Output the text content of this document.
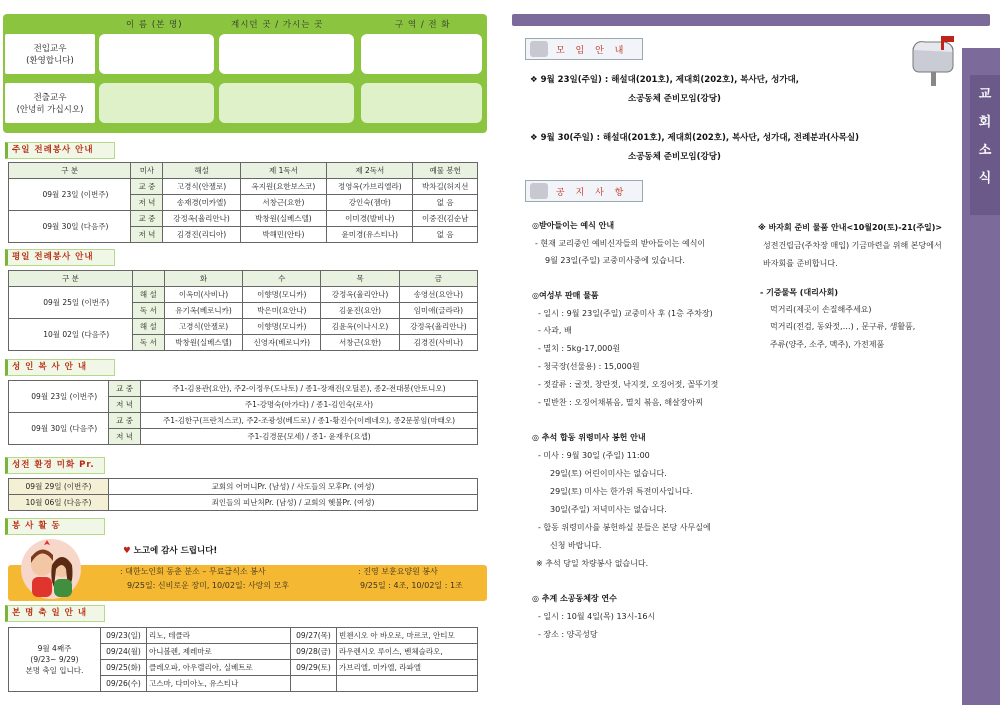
이 름 (본 명)	계시던 곳 / 가시는 곳	구 역 / 전 화
전입교우
(환영합니다)
전출교우
(안녕히 가십시오)
주일 전례봉사 안내
구 분		미사	해설	제 1독서	제 2독서	예물 봉헌
	09월 23일 (이번주)	교 중	고경식(안젤로)	옥지원(요한보스코)	정영옥(가브리엘라)	박차길(허지선
		저 녁	송재경(미카엘)	서창근(요한)	강인숙(젬마)	없 음
	09월 30일 (다음주)	교 중	강정옥(율리안나)	박창원(실베스텔)	이미경(발비나)	이중진(김순남
		저 녁	김경진(리디아)	박해민(안타)	윤미경(유스티나)	없 음
평일 전례봉사 안내
구 분			화	수	목	금
	09월 25일 (이번주)	해 설	이옥미(사비나)	이향명(모니카)	강정옥(율리안나)	송영선(요안나)
		독 서	유기옥(베로니카)	박은미(요안나)	김윤진(요안)	임미애(글라라)
	10월 02일 (다음주)	해 설	고경식(안젤로)	이향명(모니카)	김윤옥(이나시오)	강정옥(율리안나)
		독 서	박창원(실베스텔)	신영자(베로니카)	서창근(요한)	김경진(사비나)
성 인 복 사 안 내
	09월 23일 (이번주)	교 중	주1-김용관(요안), 주2-이정우(도나토) / 종1-장재진(오딜론), 종2-전대봉(안토니오)
		저 녁	주1-강명숙(아가다) / 종1-김인숙(로사)
	09월 30일 (다음주)	교 중	주1-김한구(프란치스코), 주2-조광성(베드로) / 종1-황진수(이레네오), 종2문봉임(마태오)
		저 녁	주1-김경문(모세) / 종1- 윤재우(요셉)
성전 환경 미화 Pr.
09월 29일 (이번주)	교회의 어머니Pr. (남성) / 사도들의 모후Pr. (여성)
10월 06일 (다음주)	죄인들의 피난처Pr. (남성) / 교회의 혯불Pr. (여성)
봉 사 활 동
♥ 노고에 감사 드립니다!
: 대한노인회 동춘 분소 – 무료급식소 봉사
9/25일: 신비로운 장미, 10/02일: 사랑의 모후
: 진영 보훈요양원 봉사
9/25일 : 4조, 10/02일 : 1조
본 명 축 일 안 내
9월 4째주
(9/23~ 9/29)
본명 축일 입니다.	09/23(일)	리노, 테클라	09/27(목)	빈첸시오 아 바오로, 마르코, 안티모
	09/24(월)	아니볼렌, 제레마로	09/28(금)	라우렌시오 루이스, 벤체슬라오,
	09/25(화)	클레오파, 아우렐리아, 실베트로	09/29(토)	가브리엘, 미카엘, 라파엘
	09/26(수)	고스마, 다미아노, 유스티나		
교
회
소
식
모 임 안 내
❖ 9월 23일(주일) : 해설대(201호), 제대회(202호), 복사단, 성가대,
소공동체 준비모임(강당)
❖ 9월 30(주일) : 해설대(201호), 제대회(202호), 복사단, 성가대, 전례분과(사목실)
소공동체 준비모임(강당)
공 지 사 항
◎받아들이는 예식 안내
- 현재 교리중인 예비신자들의 받아들이는 예식이
9월 23일(주일) 교중미사중에 있습니다.
◎여성부 판매 물품
- 일시 : 9월 23일(주일) 교중미사 후 (1층 주차장)
- 사과, 배
- 멸치 : 5kg-17,000원
- 청국장(선물용) : 15,000원
- 젓갈류 : 굴젓, 창란젓, 낙지젓, 오징어젓, 꼴뚜기젓
- 밑반찬 : 오징어채볶음, 멸치 볶음, 해살장아찌
◎ 추석 합동 위령미사 봉헌 안내
- 미사 : 9월 30일 (주일) 11:00
29일(토) 어린이미사는 없습니다.
29일(토) 미사는 한가위 특전미사입니다.
30일(주일) 저녁미사는 없습니다.
- 합동 위령미사를 봉헌하실 분들은 본당 사무실에
신청 바랍니다.
※ 추석 당일 차량봉사 없습니다.
◎ 추계 소공동체장 연수
- 일시 : 10월 4일(목) 13시-16시
- 장소 : 양곡성당
※ 바자회 준비 물품 안내<10월20(토)-21(주일)>
성전건립금(주차장 매입) 기금마련을 위해 본당에서
바자회를 준비합니다.
- 기증물목 (대리사회)
먹거리(제곳이 손질해주세요)
먹거리(전검, 동와젓,…) , 문구류, 생활품,
주류(양주, 소주, 맥주), 가전제품
